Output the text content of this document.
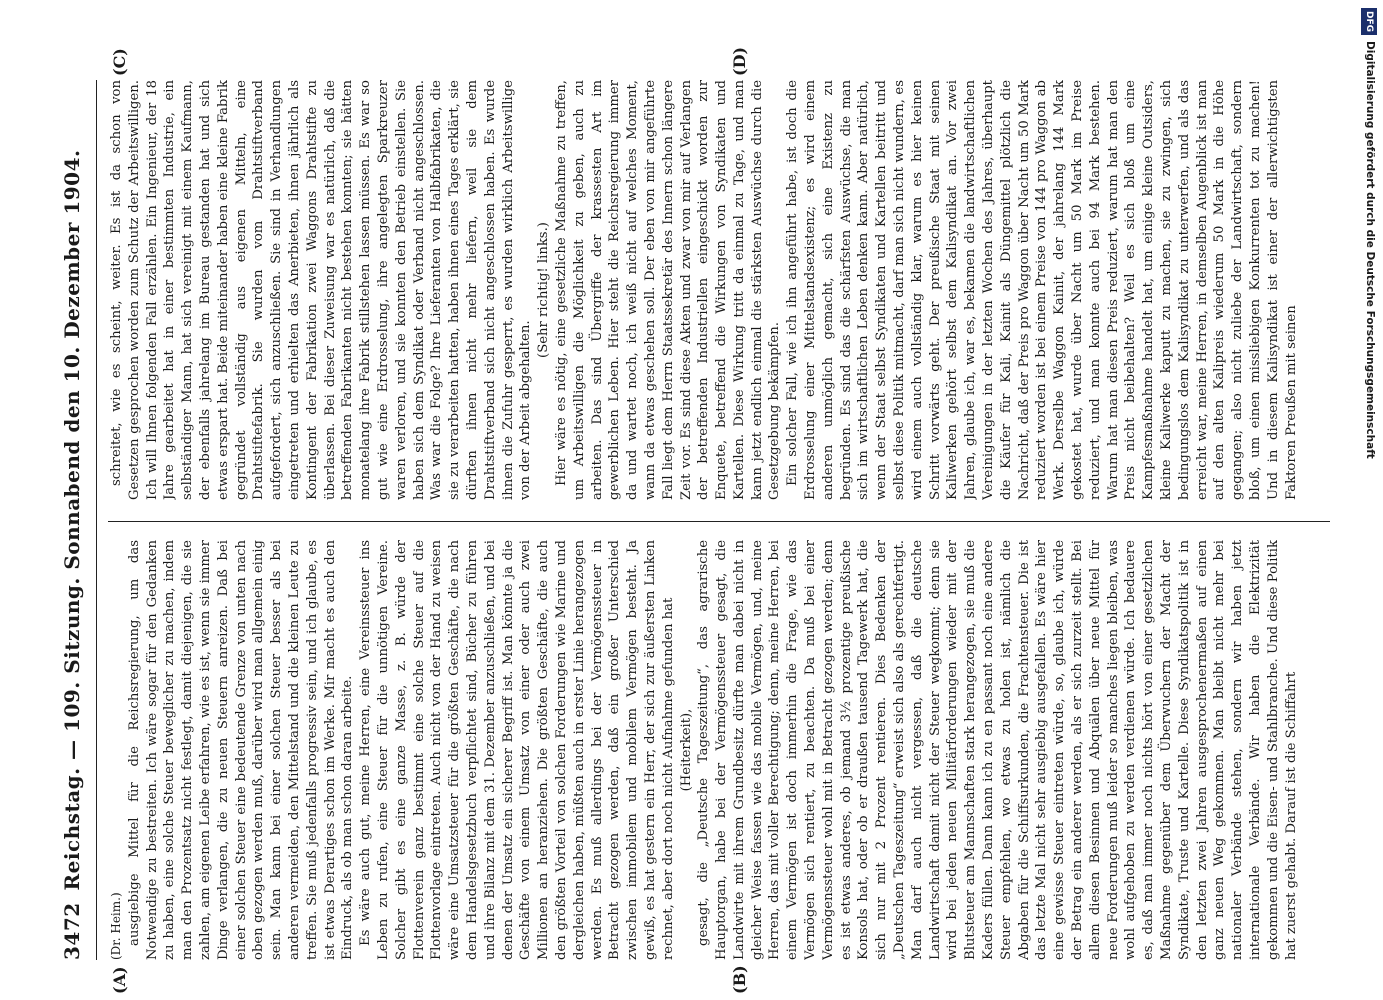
3472
Reichstag. — 109. Sitzung. Sonnabend den 10. Dezember 1904.
(A)	(B)
(C)	(D)

(Dr. Heim.) ausgiebige Mittel für die Reichsregierung, um das Notwendige zu bestreiten. Ich wäre sogar für den Gedanken zu haben, eine solche Steuer beweglicher zu machen, indem man den Prozentsatz nicht festlegt, damit diejenigen, die sie zahlen, am eigenen Leibe erfahren, wie es ist, wenn sie immer Dinge verlangen, die zu neuen Steuern anreizen. Daß bei einer solchen Steuer eine bedeutende Grenze von unten nach oben gezogen werden muß, darüber wird man allgemein einig sein. Man kann bei einer solchen Steuer besser als bei anderen vermeiden, den Mittelstand und die kleinen Leute zu treffen. Sie muß jedenfalls progressiv sein, und ich glaube, es ist etwas Derartiges schon im Werke. Mir macht es auch den Eindruck, als ob man schon daran arbeite. Es wäre auch gut, meine Herren, eine Vereinssteuer ins Leben zu rufen, eine Steuer für die unnötigen Vereine. Solcher gibt es eine ganze Masse, z. B. würde der Flottenverein ganz bestimmt eine solche Steuer auf die Flottenvorlage eintreten. Auch nicht von der Hand zu weisen wäre eine Umsatzsteuer für die größten Geschäfte, die nach dem Handelsgesetzbuch verpflichtet sind, Bücher zu führen und ihre Bilanz mit dem 31. Dezember anzuschließen, und bei denen der Umsatz ein sicherer Begriff ist. Man könnte ja die Geschäfte von einem Umsatz von einer oder auch zwei Millionen an heranziehen. Die größten Geschäfte, die auch den größten Vorteil von solchen Forderungen wie Marine und dergleichen haben, müßten auch in erster Linie herangezogen werden. Es muß allerdings bei der Vermögenssteuer in Betracht gezogen werden, daß ein großer Unterschied zwischen immobilem und mobilem Vermögen besteht. Ja gewiß, es hat gestern ein Herr, der sich zur äußersten Linken rechnet, aber dort noch nicht Aufnahme gefunden hat (Heiterkeit), gesagt, die „Deutsche Tageszeitung“, das agrarische Hauptorgan, habe bei der Vermögenssteuer gesagt, die Landwirte mit ihrem Grundbesitz dürfte man dabei nicht in gleicher Weise fassen wie das mobile Vermögen, und, meine Herren, das mit voller Berechtigung; denn, meine Herren, bei einem Vermögen ist doch immerhin die Frage, wie das Vermögen sich rentiert, zu beachten. Da muß bei einer Vermögenssteuer wohl mit in Betracht gezogen werden; denn es ist etwas anderes, ob jemand 3½ prozentige preußische Konsols hat, oder ob er draußen tausend Tagewerk hat, die sich nur mit 2 Prozent rentieren. Dies Bedenken der „Deutschen Tageszeitung“ erweist sich also als gerechtfertigt. Man darf auch nicht vergessen, daß die deutsche Landwirtschaft damit nicht der Steuer wegkommt; denn sie wird bei jeden neuen Militärforderungen wieder mit der Blutsteuer am Mannschaften stark herangezogen, sie muß die Kaders füllen. Dann kann ich zu en passant noch eine andere Steuer empfehlen, wo etwas zu holen ist, nämlich die Abgaben für die Schiffsurkunden, die Frachtensteuer. Die ist das letzte Mal nicht sehr ausgiebig ausgefallen. Es wäre hier eine gewisse Steuer eintreten würde, so, glaube ich, würde der Betrag ein anderer werden, als er sich zurzeit stellt. Bei allem diesen Besinnen und Abquälen über neue Mittel für neue Forderungen muß leider so manches liegen bleiben, was wohl aufgehoben zu werden verdienen würde. Ich bedauere es, daß man immer noch nichts hört von einer gesetzlichen Maßnahme gegenüber dem Überwuchern der Macht der Syndikate, Truste und Kartelle. Diese Syndikatspolitik ist in den letzten zwei Jahren ausgesprochenermaßen auf einen ganz neuen Weg gekommen. Man bleibt nicht mehr bei nationaler Verbände stehen, sondern wir haben jetzt internationale Verbände. Wir haben die Elektrizität gekommen und die Eisen- und Stahlbranche. Und diese Politik hat zuerst gehabt. Darauf ist die Schiffahrt

schreitet, wie es scheint, weiter. Es ist da schon von Gesetzen gesprochen worden zum Schutz der Arbeitswilligen. Ich will Ihnen folgenden Fall erzählen. Ein Ingenieur, der 18 Jahre gearbeitet hat in einer bestimmten Industrie, ein selbständiger Mann, hat sich vereinigt mit einem Kaufmann, der ebenfalls jahrelang im Bureau gestanden hat und sich etwas erspart hat. Beide miteinander haben eine kleine Fabrik gegründet vollständig aus eigenen Mitteln, eine Drahtstiftefabrik. Sie wurden vom Drahtstiftverband aufgefordert, sich anzuschließen. Sie sind in Verhandlungen eingetreten und erhielten das Anerbieten, ihnen jährlich als Kontingent der Fabrikation zwei Waggons Drahtstifte zu überlassen. Bei dieser Zuweisung war es natürlich, daß die betreffenden Fabrikanten nicht bestehen konnten; sie hätten monatelang ihre Fabrik stillstehen lassen müssen. Es war so gut wie eine Erdrosselung, ihre angelegten Sparkreuzer waren verloren, und sie konnten den Betrieb einstellen. Sie haben sich dem Syndikat oder Verband nicht angeschlossen. Was war die Folge? Ihre Lieferanten von Halbfabrikaten, die sie zu verarbeiten hatten, haben ihnen eines Tages erklärt, sie dürften ihnen nicht mehr liefern, weil sie dem Drahtstiftverband sich nicht angeschlossen haben. Es wurde ihnen die Zufuhr gesperrt, es wurden wirklich Arbeitswillige von der Arbeit abgehalten.

(Sehr richtig! links.) Hier wäre es nötig, eine gesetzliche Maßnahme zu treffen, um Arbeitswilligen die Möglichkeit zu geben, auch zu arbeiten. Das sind Übergriffe der krassesten Art im gewerblichen Leben. Hier steht die Reichsregierung immer da und wartet noch, ich weiß nicht auf welches Moment, wann da etwas geschehen soll. Der eben von mir angeführte Fall liegt dem Herrn Staatssekretär des Innern schon längere Zeit vor. Es sind diese Akten und zwar von mir auf Verlangen der betreffenden Industriellen eingeschickt worden zur Enquete, betreffend die Wirkungen von Syndikaten und Kartellen. Diese Wirkung tritt da einmal zu Tage, und man kann jetzt endlich einmal die stärksten Auswüchse durch die Gesetzgebung bekämpfen. Ein solcher Fall, wie ich ihn angeführt habe, ist doch die Erdrosselung einer Mittelstandsexistenz; es wird einem anderen unmöglich gemacht, sich eine Existenz zu begründen. Es sind das die schärfsten Auswüchse, die man sich im wirtschaftlichen Leben denken kann. Aber natürlich, wenn der Staat selbst Syndikaten und Kartellen beitritt und selbst diese Politik mitmacht, darf man sich nicht wundern, es wird einem auch vollständig klar, warum es hier keinen Schritt vorwärts geht. Der preußische Staat mit seinen Kaliwerken gehört selbst dem Kalisyndikat an. Vor zwei Jahren, glaube ich, war es, bekamen die landwirtschaftlichen Vereinigungen in der letzten Wochen des Jahres, überhaupt die Käufer für Kali, Kainit als Düngemittel plötzlich die Nachricht, daß der Preis pro Waggon über Nacht um 50 Mark reduziert worden ist bei einem Preise von 144 pro Waggon ab Werk. Derselbe Waggon Kainit, der jahrelang 144 Mark gekostet hat, wurde über Nacht um 50 Mark im Preise reduziert, und man konnte auch bei 94 Mark bestehen. Warum hat man diesen Preis reduziert, warum hat man den Preis nicht beibehalten? Weil es sich bloß um eine Kampfesmaßnahme handelt hat, um einige kleine Outsiders, kleine Kaliwerke kaputt zu machen, sie zu zwingen, sich bedingungslos dem Kalisyndikat zu unterwerfen, und als das erreicht war, meine Herren, in demselben Augenblick ist man auf den alten Kalipreis wiederum 50 Mark in die Höhe gegangen; also nicht zuliebe der Landwirtschaft, sondern bloß, um einen missliebigen Konkurrenten tot zu machen! Und in diesem Kalisyndikat ist einer der allerwichtigsten Faktoren Preußen mit seinen

DFGDigitalisierung gefördert durch die Deutsche Forschungsgemeinschaft
